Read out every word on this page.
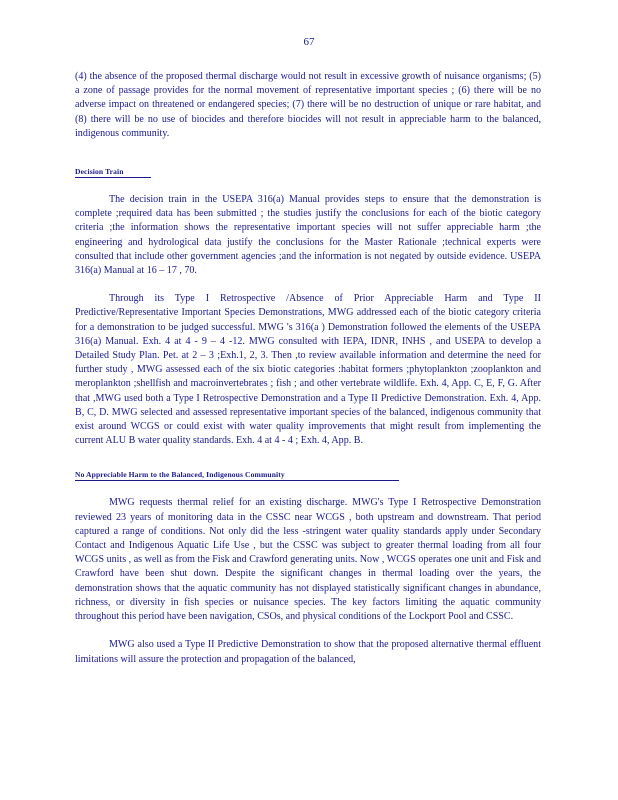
67

(4) the absence of the proposed thermal discharge would not result in excessive growth of nuisance organisms; (5) a zone of passage provides for the normal movement of representative important species ; (6) there will be no adverse impact on threatened or endangered species; (7) there will be no destruction of unique or rare habitat, and (8) there will be no use of biocides and therefore biocides will not result in appreciable harm to the balanced, indigenous community.

Decision Train

The decision train in the USEPA 316(a) Manual provides steps to ensure that the demonstration is complete ;required data has been submitted ; the studies justify the conclusions for each of the biotic category criteria ;the information shows the representative important species will not suffer appreciable harm ;the engineering and hydrological data justify the conclusions for the Master Rationale ;technical experts were consulted that include other government agencies ;and the information is not negated by outside evidence. USEPA 316(a) Manual at 16 – 17 , 70.

Through its Type I Retrospective /Absence of Prior Appreciable Harm and Type II Predictive/Representative Important Species Demonstrations, MWG addressed each of the biotic category criteria for a demonstration to be judged successful. MWG 's 316(a ) Demonstration followed the elements of the USEPA 316(a) Manual. Exh. 4 at 4 - 9 – 4 -12. MWG consulted with IEPA, IDNR, INHS , and USEPA to develop a Detailed Study Plan. Pet. at 2 – 3 ;Exh.1, 2, 3. Then ,to review available information and determine the need for further study , MWG assessed each of the six biotic categories :habitat formers ;phytoplankton ;zooplankton and meroplankton ;shellfish and macroinvertebrates ; fish ; and other vertebrate wildlife. Exh. 4, App. C, E, F, G. After that ,MWG used both a Type I Retrospective Demonstration and a Type II Predictive Demonstration. Exh. 4, App. B, C, D. MWG selected and assessed representative important species of the balanced, indigenous community that exist around WCGS or could exist with water quality improvements that might result from implementing the current ALU B water quality standards. Exh. 4 at 4 - 4 ; Exh. 4, App. B.

No Appreciable Harm to the Balanced, Indigenous Community

MWG requests thermal relief for an existing discharge. MWG's Type I Retrospective Demonstration reviewed 23 years of monitoring data in the CSSC near WCGS , both upstream and downstream. That period captured a range of conditions. Not only did the less -stringent water quality standards apply under Secondary Contact and Indigenous Aquatic Life Use , but the CSSC was subject to greater thermal loading from all four WCGS units , as well as from the Fisk and Crawford generating units. Now , WCGS operates one unit and Fisk and Crawford have been shut down. Despite the significant changes in thermal loading over the years, the demonstration shows that the aquatic community has not displayed statistically significant changes in abundance, richness, or diversity in fish species or nuisance species. The key factors limiting the aquatic community throughout this period have been navigation, CSOs, and physical conditions of the Lockport Pool and CSSC.

MWG also used a Type II Predictive Demonstration to show that the proposed alternative thermal effluent limitations will assure the protection and propagation of the balanced,
